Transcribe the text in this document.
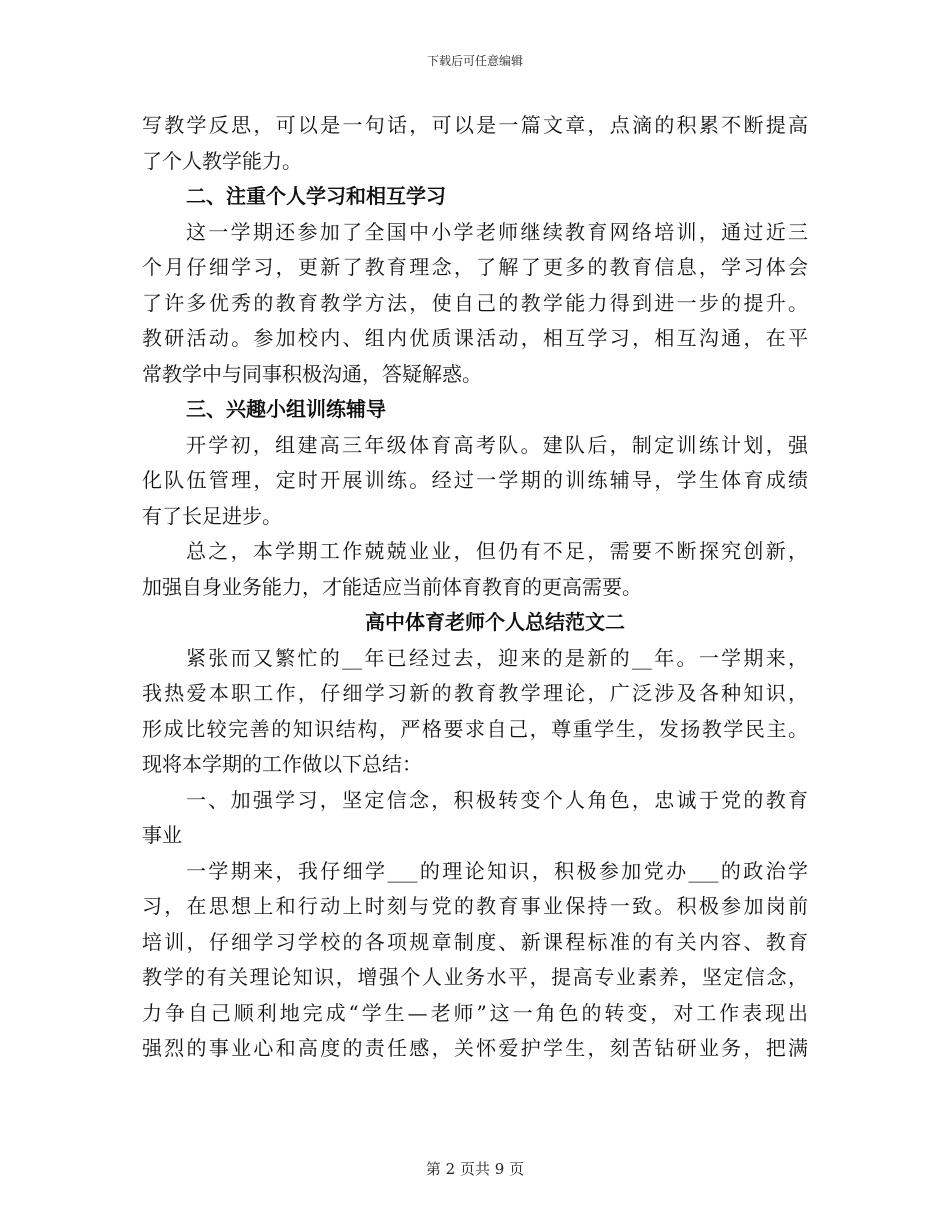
下载后可任意编辑
写教学反思，可以是一句话，可以是一篇文章，点滴的积累不断提高
了个人教学能力。
二、注重个人学习和相互学习
这一学期还参加了全国中小学老师继续教育网络培训，通过近三
个月仔细学习，更新了教育理念，了解了更多的教育信息，学习体会
了许多优秀的教育教学方法，使自己的教学能力得到进一步的提升。
教研活动。参加校内、组内优质课活动，相互学习，相互沟通，在平
常教学中与同事积极沟通，答疑解惑。
三、兴趣小组训练辅导
开学初，组建高三年级体育高考队。建队后，制定训练计划，强
化队伍管理，定时开展训练。经过一学期的训练辅导，学生体育成绩
有了长足进步。
总之，本学期工作兢兢业业，但仍有不足，需要不断探究创新，
加强自身业务能力，才能适应当前体育教育的更高需要。
高中体育老师个人总结范文二
紧张而又繁忙的__年已经过去，迎来的是新的__年。一学期来，
我热爱本职工作，仔细学习新的教育教学理论，广泛涉及各种知识，
形成比较完善的知识结构，严格要求自己，尊重学生，发扬教学民主。
现将本学期的工作做以下总结：
一、加强学习，坚定信念，积极转变个人角色，忠诚于党的教育
事业
一学期来，我仔细学___的理论知识，积极参加党办___的政治学
习，在思想上和行动上时刻与党的教育事业保持一致。积极参加岗前
培训，仔细学习学校的各项规章制度、新课程标准的有关内容、教育
教学的有关理论知识，增强个人业务水平，提高专业素养，坚定信念，
力争自己顺利地完成“学生—老师”这一角色的转变，对工作表现出
强烈的事业心和高度的责任感，关怀爱护学生，刻苦钻研业务，把满
第 2 页共 9 页
